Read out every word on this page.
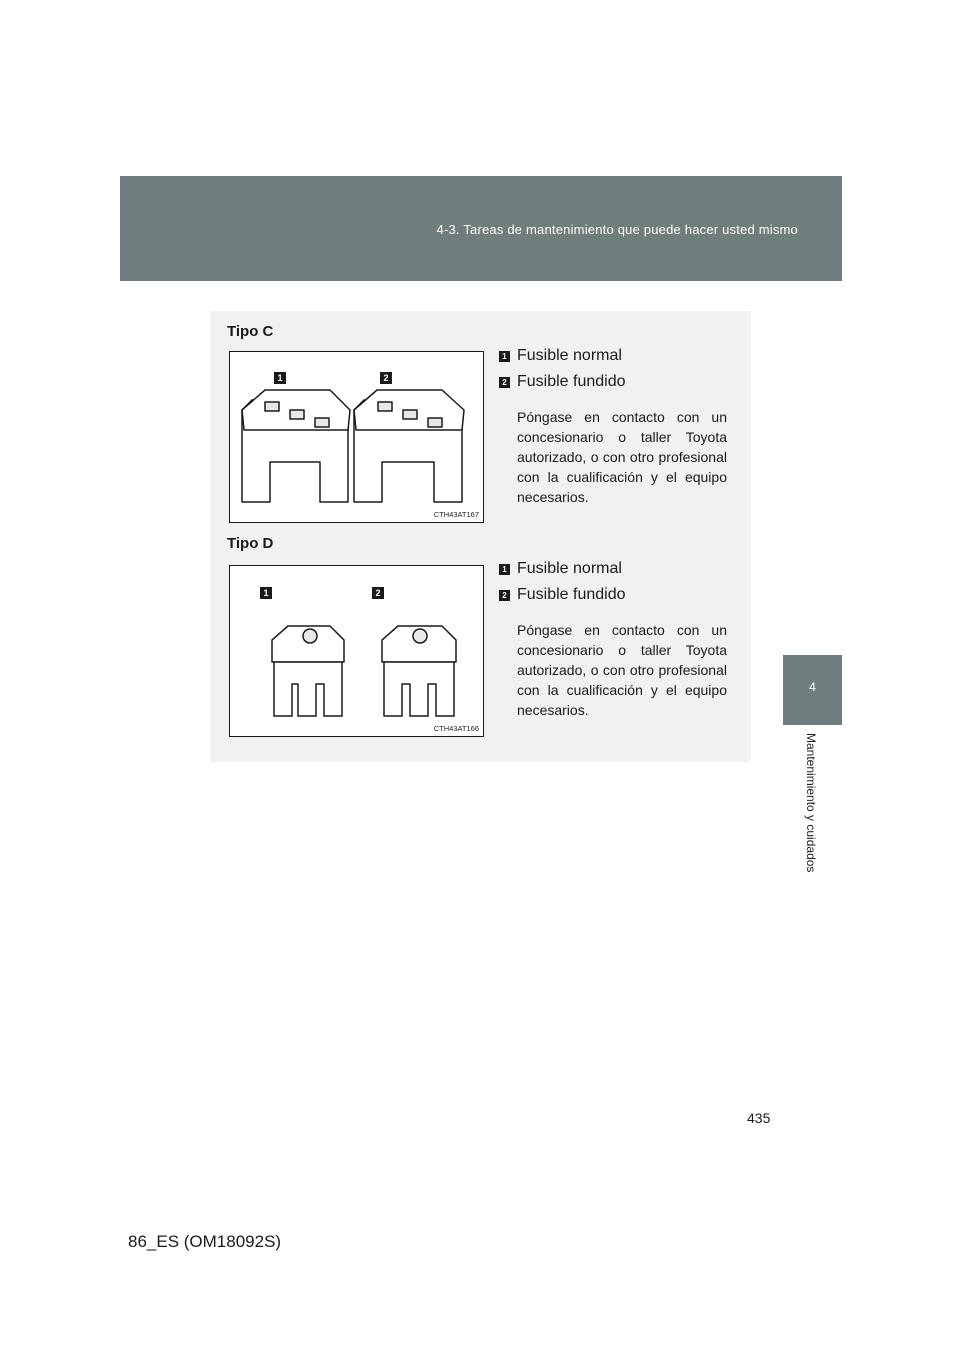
4-3. Tareas de mantenimiento que puede hacer usted mismo
4
Mantenimiento y cuidados
Tipo C
1	2
CTH43AT167
1 Fusible normal
2 Fusible fundido
Póngase en contacto con un concesionario o taller Toyota autorizado, o con otro profesional con la cualificación y el equipo necesarios.
Tipo D
1	2
CTH43AT166
1 Fusible normal
2 Fusible fundido
Póngase en contacto con un concesionario o taller Toyota autorizado, o con otro profesional con la cualificación y el equipo necesarios.
435
86_ES (OM18092S)
